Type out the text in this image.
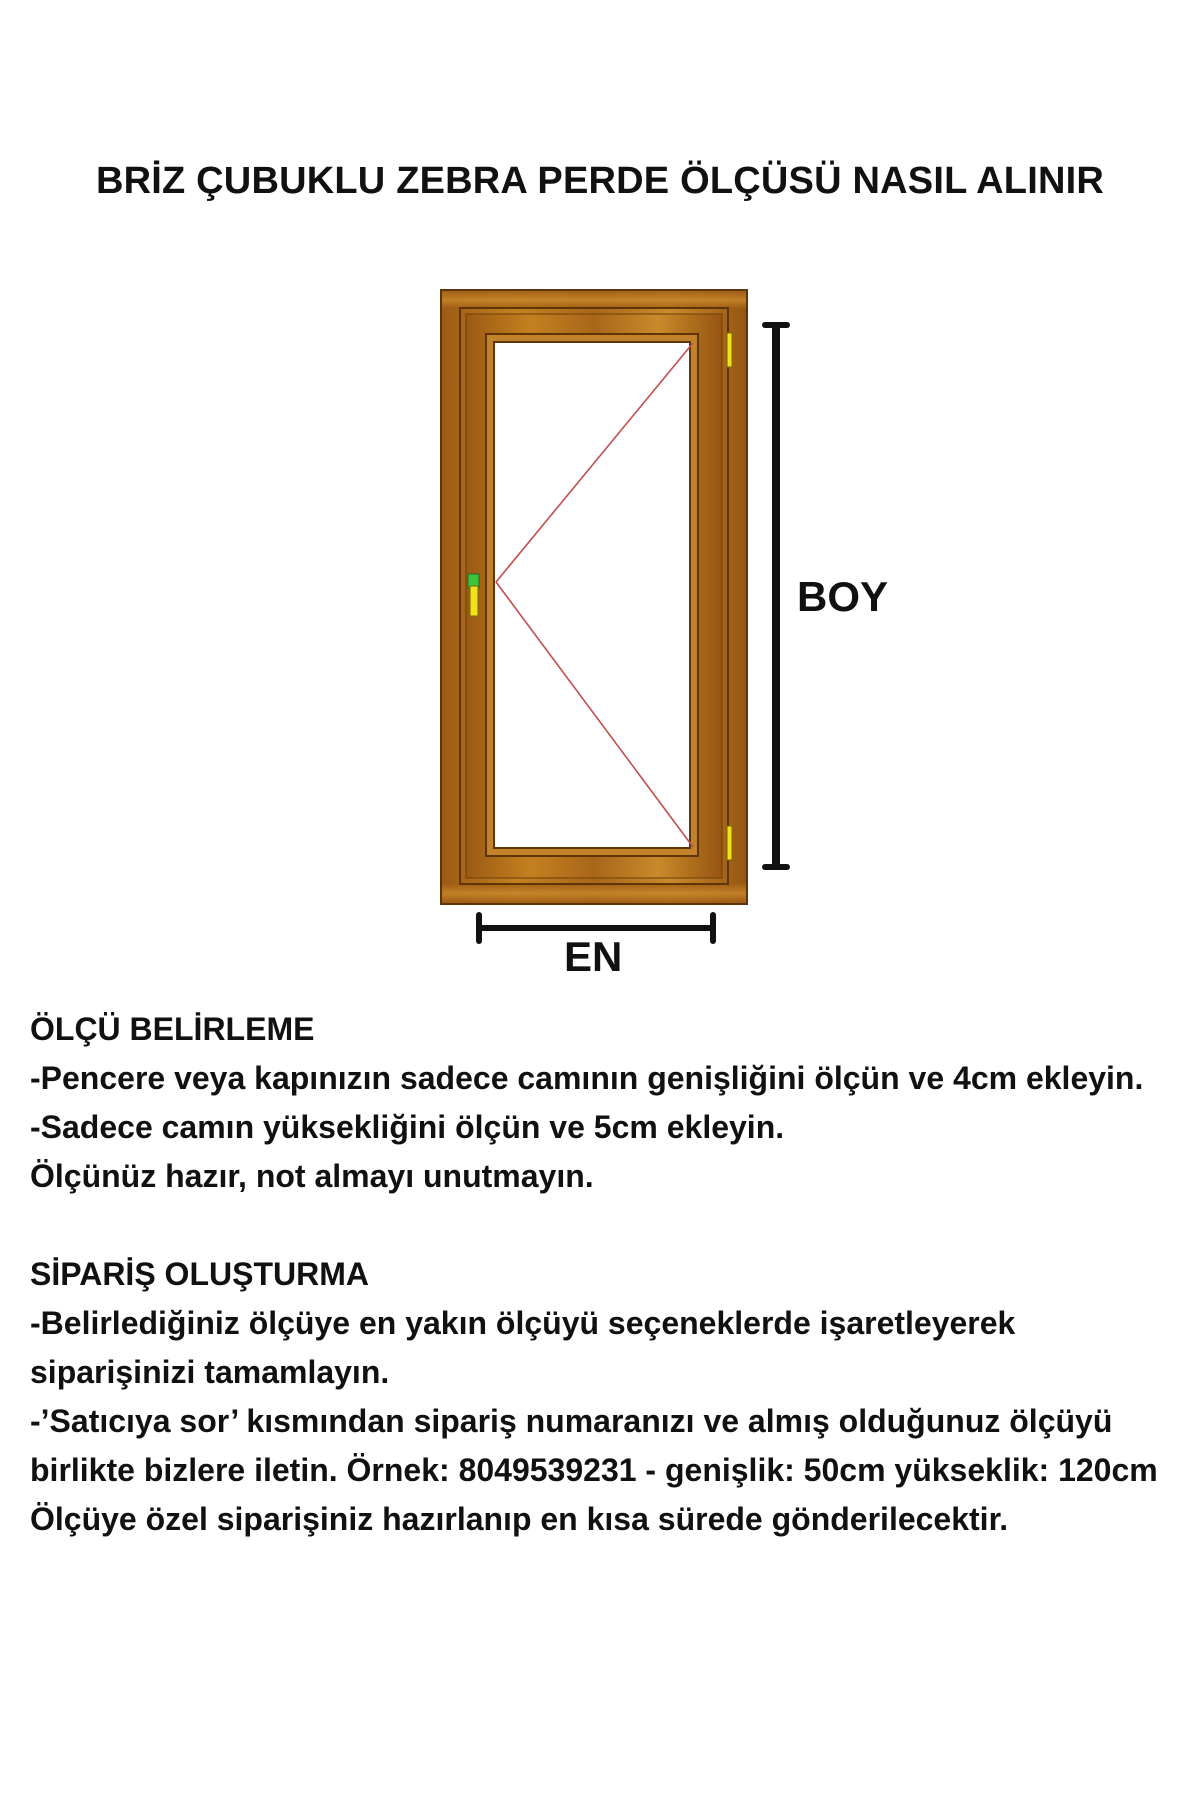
BRİZ ÇUBUKLU ZEBRA PERDE ÖLÇÜSÜ NASIL ALINIR
BOY
EN

ÖLÇÜ BELİRLEME

-Pencere veya kapınızın sadece camının genişliğini ölçün ve 4cm ekleyin.

-Sadece camın yüksekliğini ölçün ve 5cm ekleyin.

Ölçünüz hazır, not almayı unutmayın.

SİPARİŞ OLUŞTURMA

-Belirlediğiniz ölçüye en yakın ölçüyü seçeneklerde işaretleyerek siparişinizi tamamlayın.

-’Satıcıya sor’ kısmından sipariş numaranızı ve almış olduğunuz ölçüyü birlikte bizlere iletin. Örnek: 8049539231 - genişlik: 50cm yükseklik: 120cm

Ölçüye özel siparişiniz hazırlanıp en kısa sürede gönderilecektir.
